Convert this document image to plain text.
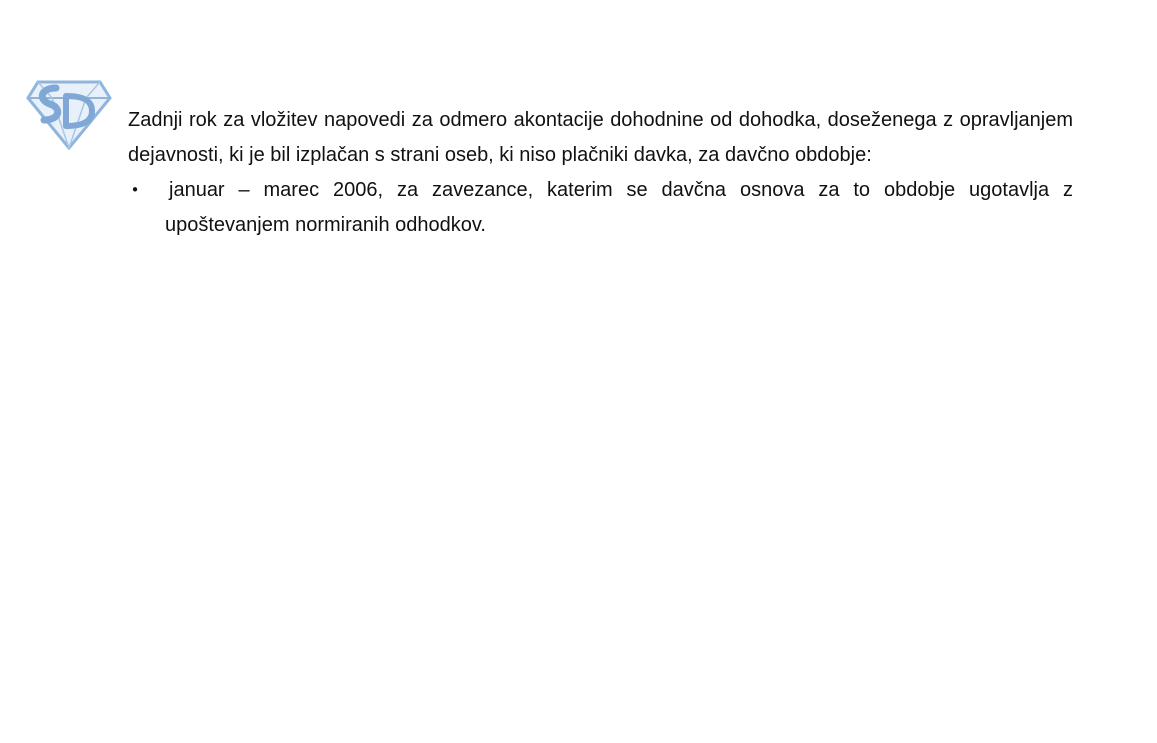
Zadnji rok za vložitev napovedi za odmero akontacije dohodnine od dohodka, doseženega z opravljanjem dejavnosti, ki je bil izplačan s strani oseb, ki niso plačniki davka, za davčno obdobje:

• januar – marec 2006, za zavezance, katerim se davčna osnova za to obdobje ugotavlja z upoštevanjem normiranih odhodkov.
